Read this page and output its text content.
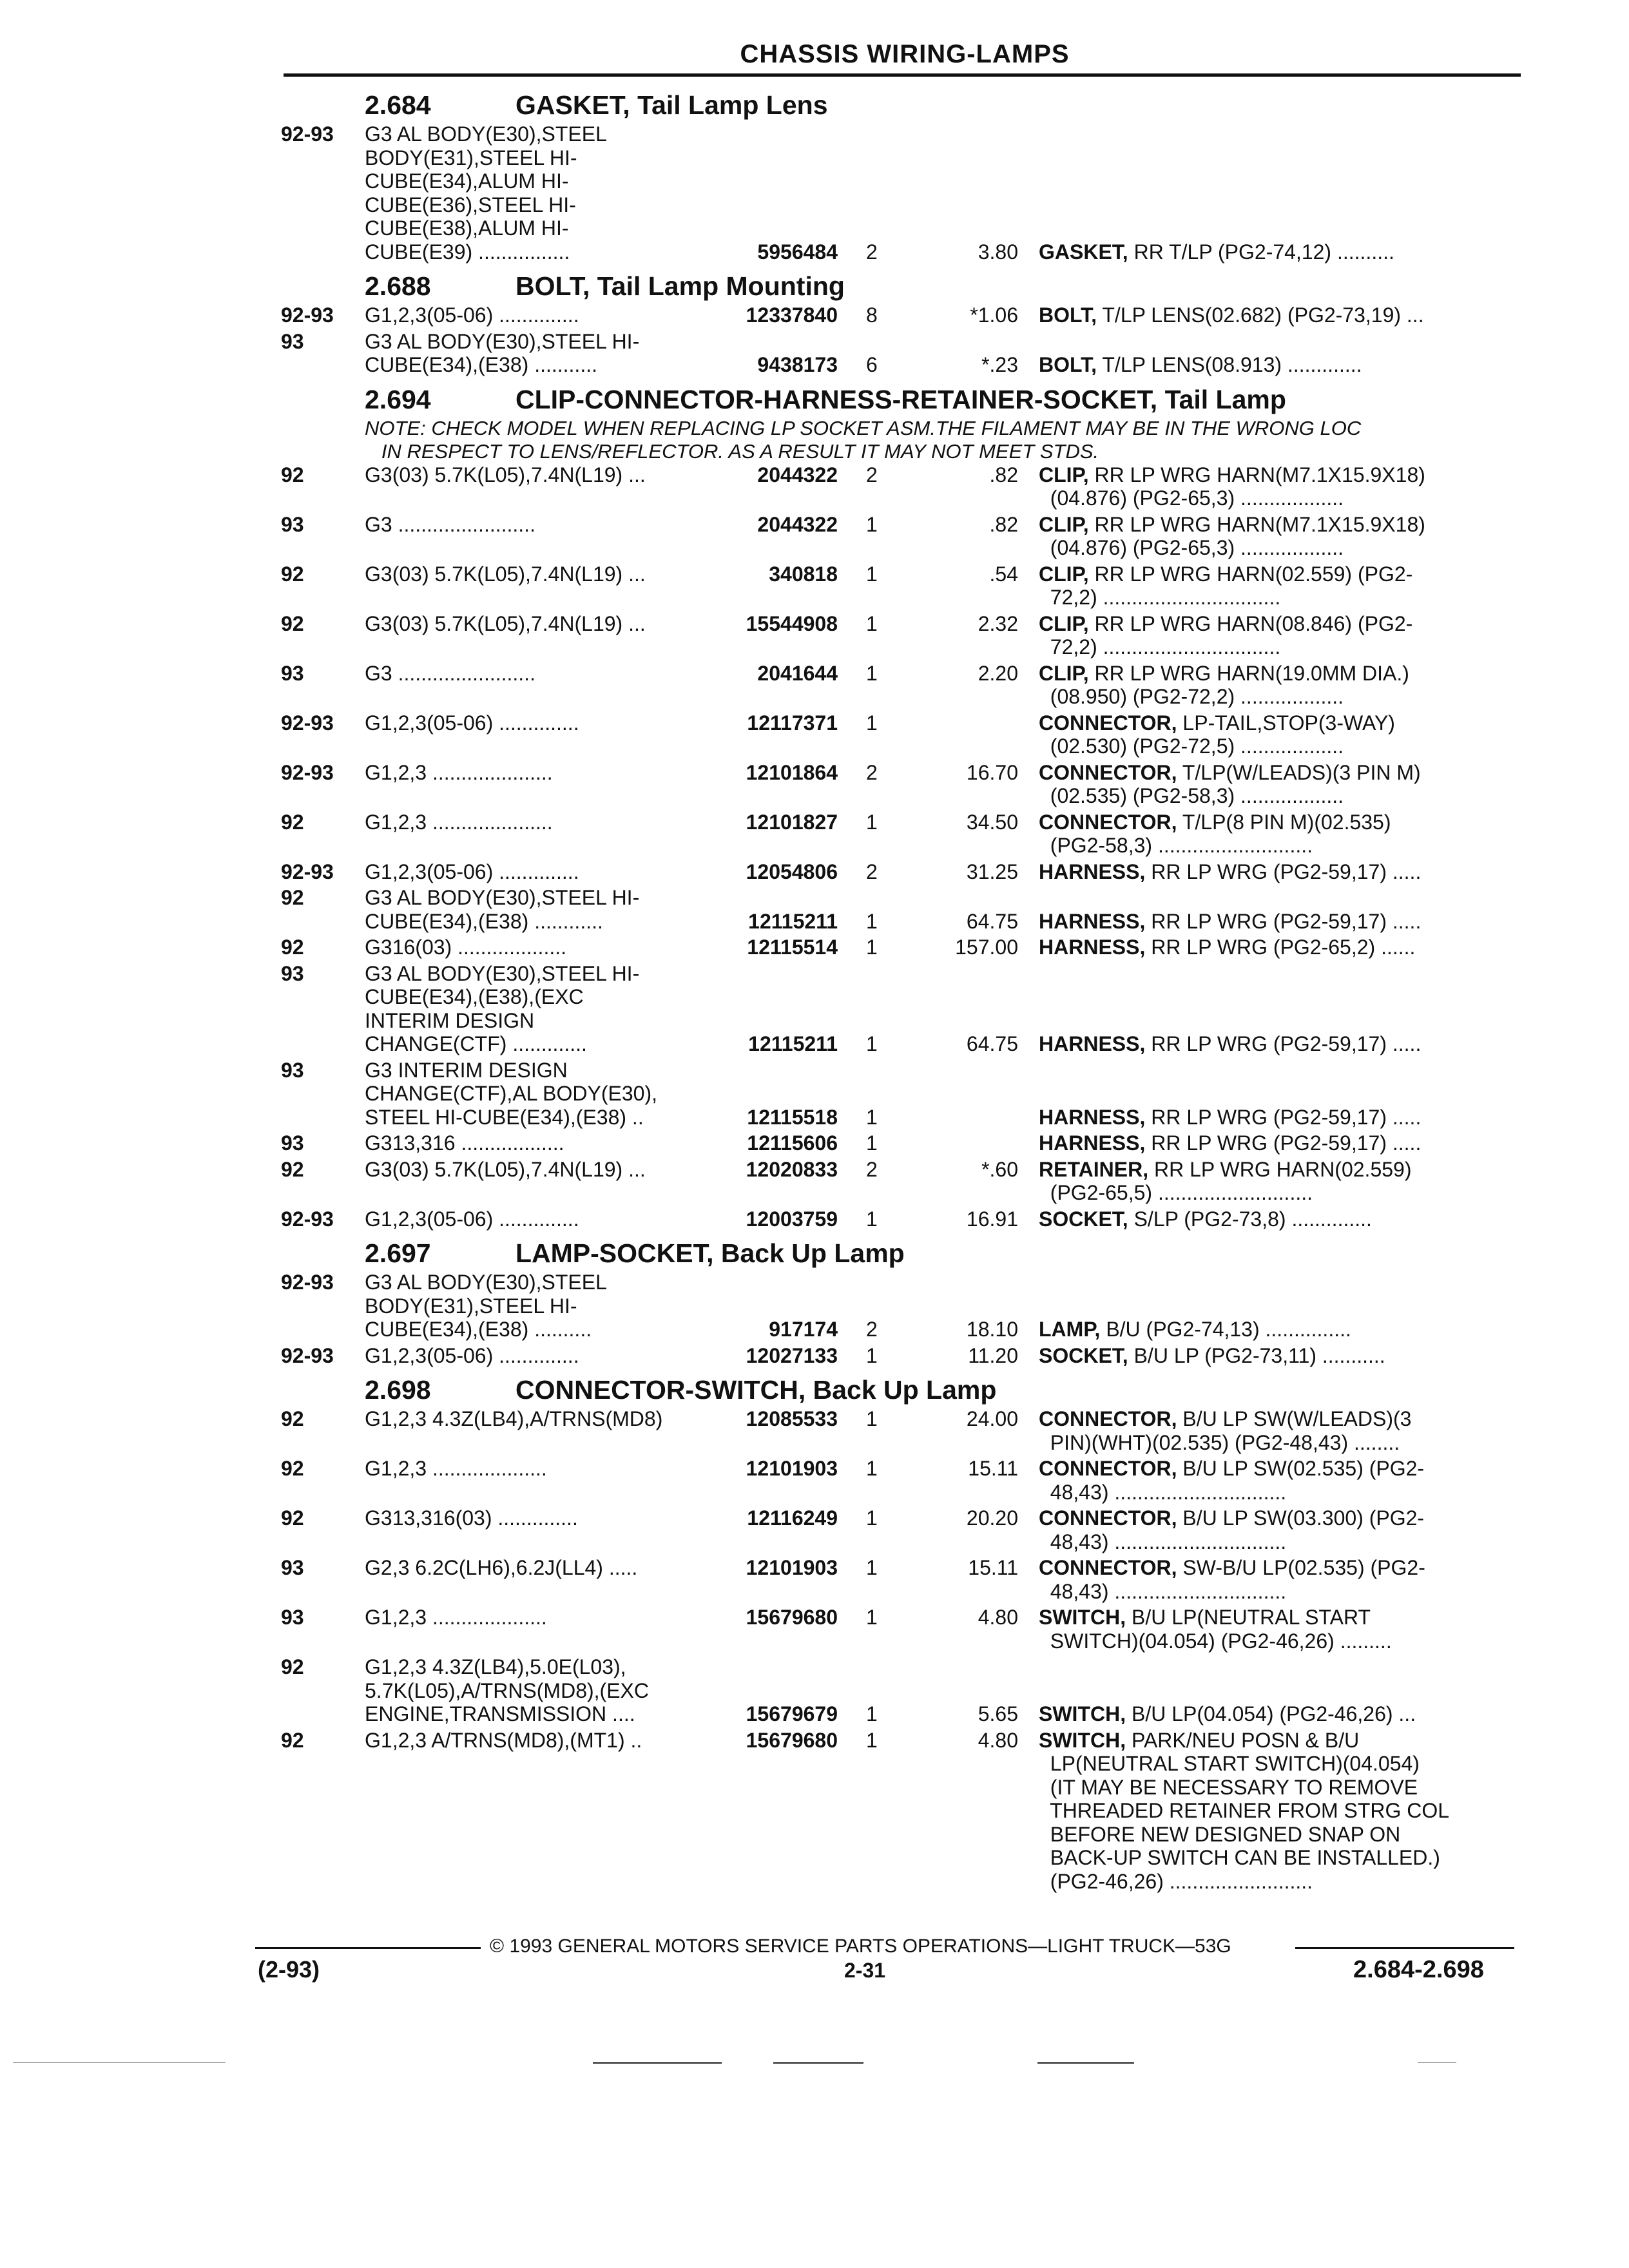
CHASSIS WIRING-LAMPS
2.684	GASKET, Tail Lamp Lens
92-93 G3 AL BODY(E30),STEEL
BODY(E31),STEEL HI-
CUBE(E34),ALUM HI-
CUBE(E36),STEEL HI-
CUBE(E38),ALUM HI-
CUBE(E39) ................	5956484 2	3.80 GASKET, RR T/LP (PG2-74,12) ..........
2.688	BOLT, Tail Lamp Mounting
92-93 G1,2,3(05-06) ..............	12337840 8	*1.06 BOLT, T/LP LENS(02.682) (PG2-73,19) ...
93	G3 AL BODY(E30),STEEL HI-
CUBE(E34),(E38) ...........	9438173 6	*.23 BOLT, T/LP LENS(08.913) .............
2.694	CLIP-CONNECTOR-HARNESS-RETAINER-SOCKET, Tail Lamp
NOTE: CHECK MODEL WHEN REPLACING LP SOCKET ASM.THE FILAMENT MAY BE IN THE WRONG LOC
IN RESPECT TO LENS/REFLECTOR. AS A RESULT IT MAY NOT MEET STDS.
92	G3(03) 5.7K(L05),7.4N(L19) ...	2044322 2	.82 CLIP, RR LP WRG HARN(M7.1X15.9X18)
(04.876) (PG2-65,3) ..................
93	G3 ........................	2044322 1	.82 CLIP, RR LP WRG HARN(M7.1X15.9X18)
(04.876) (PG2-65,3) ..................
92	G3(03) 5.7K(L05),7.4N(L19) ...	340818 1	.54 CLIP, RR LP WRG HARN(02.559) (PG2-
72,2) ...............................
92	G3(03) 5.7K(L05),7.4N(L19) ...	15544908 1	2.32 CLIP, RR LP WRG HARN(08.846) (PG2-
72,2) ...............................
93	G3 ........................	2041644 1	2.20 CLIP, RR LP WRG HARN(19.0MM DIA.)
(08.950) (PG2-72,2) ..................
92-93 G1,2,3(05-06) ..............	12117371 1	CONNECTOR, LP-TAIL,STOP(3-WAY)
(02.530) (PG2-72,5) ..................
92-93 G1,2,3 .....................	12101864 2	16.70 CONNECTOR, T/LP(W/LEADS)(3 PIN M)
(02.535) (PG2-58,3) ..................
92	G1,2,3 .....................	12101827 1	34.50 CONNECTOR, T/LP(8 PIN M)(02.535)
(PG2-58,3) ...........................
92-93 G1,2,3(05-06) ..............	12054806 2	31.25 HARNESS, RR LP WRG (PG2-59,17) .....
92	G3 AL BODY(E30),STEEL HI-
CUBE(E34),(E38) ............	12115211 1	64.75 HARNESS, RR LP WRG (PG2-59,17) .....
92	G316(03) ...................	12115514 1	157.00 HARNESS, RR LP WRG (PG2-65,2) ......
93	G3 AL BODY(E30),STEEL HI-
CUBE(E34),(E38),(EXC
INTERIM DESIGN
CHANGE(CTF) .............	12115211 1	64.75 HARNESS, RR LP WRG (PG2-59,17) .....
93	G3 INTERIM DESIGN
CHANGE(CTF),AL BODY(E30),
STEEL HI-CUBE(E34),(E38) ..	12115518 1	HARNESS, RR LP WRG (PG2-59,17) .....
93	G313,316 ..................	12115606 1	HARNESS, RR LP WRG (PG2-59,17) .....
92	G3(03) 5.7K(L05),7.4N(L19) ...	12020833 2	*.60 RETAINER, RR LP WRG HARN(02.559)
(PG2-65,5) ...........................
92-93 G1,2,3(05-06) ..............	12003759 1	16.91 SOCKET, S/LP (PG2-73,8) ..............
2.697	LAMP-SOCKET, Back Up Lamp
92-93 G3 AL BODY(E30),STEEL
BODY(E31),STEEL HI-
CUBE(E34),(E38) ..........	917174 2	18.10 LAMP, B/U (PG2-74,13) ...............
92-93 G1,2,3(05-06) ..............	12027133 1	11.20 SOCKET, B/U LP (PG2-73,11) ...........
2.698	CONNECTOR-SWITCH, Back Up Lamp
92	G1,2,3 4.3Z(LB4),A/TRNS(MD8)	12085533 1	24.00 CONNECTOR, B/U LP SW(W/LEADS)(3
PIN)(WHT)(02.535) (PG2-48,43) ........
92	G1,2,3 ....................	12101903 1	15.11 CONNECTOR, B/U LP SW(02.535) (PG2-
48,43) ..............................
92	G313,316(03) ..............	12116249 1	20.20 CONNECTOR, B/U LP SW(03.300) (PG2-
48,43) ..............................
93	G2,3 6.2C(LH6),6.2J(LL4) .....	12101903 1	15.11 CONNECTOR, SW-B/U LP(02.535) (PG2-
48,43) ..............................
93	G1,2,3 ....................	15679680 1	4.80 SWITCH, B/U LP(NEUTRAL START
SWITCH)(04.054) (PG2-46,26) .........
92	G1,2,3 4.3Z(LB4),5.0E(L03),
5.7K(L05),A/TRNS(MD8),(EXC
ENGINE,TRANSMISSION ....	15679679 1	5.65 SWITCH, B/U LP(04.054) (PG2-46,26) ...
92	G1,2,3 A/TRNS(MD8),(MT1) ..	15679680 1	4.80 SWITCH, PARK/NEU POSN & B/U
LP(NEUTRAL START SWITCH)(04.054)
(IT MAY BE NECESSARY TO REMOVE
THREADED RETAINER FROM STRG COL
BEFORE NEW DESIGNED SNAP ON
BACK-UP SWITCH CAN BE INSTALLED.)
(PG2-46,26) .........................
© 1993 GENERAL MOTORS SERVICE PARTS OPERATIONS—LIGHT TRUCK—53G
(2-93)	2-31	2.684-2.698
